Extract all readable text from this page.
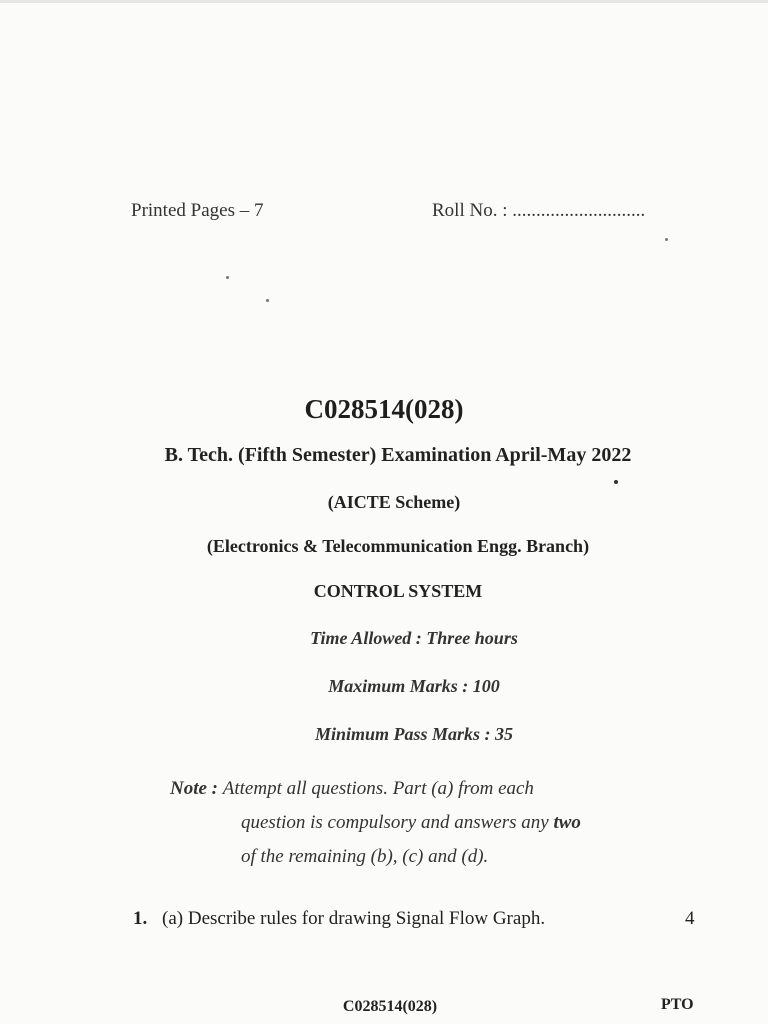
Printed Pages – 7	Roll No. : ............................
C028514(028)
B. Tech. (Fifth Semester) Examination April-May 2022
(AICTE Scheme)
(Electronics & Telecommunication Engg. Branch)
CONTROL SYSTEM
Time Allowed : Three hours
Maximum Marks : 100
Minimum Pass Marks : 35
Note : Attempt all questions. Part (a) from each
question is compulsory and answers any two
of the remaining (b), (c) and (d).
1. (a) Describe rules for drawing Signal Flow Graph.	4
C028514(028)	PTO
